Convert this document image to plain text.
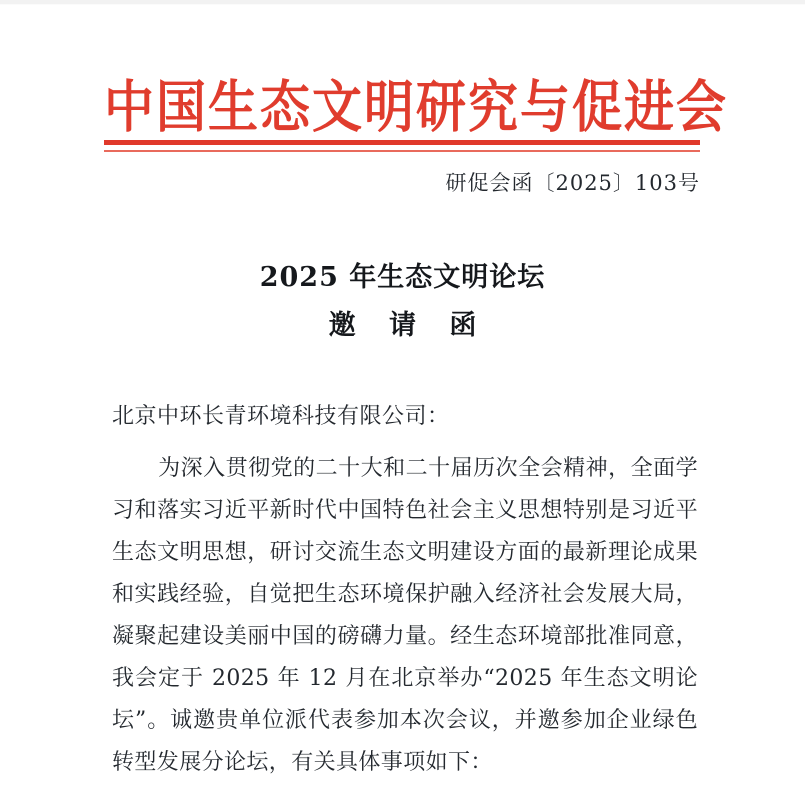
中国生态文明研究与促进会
研促会函〔2025〕103号
2025 年生态文明论坛
邀 请 函
北京中环长青环境科技有限公司：
为深入贯彻党的二十大和二十届历次全会精神，全面学习和落实习近平新时代中国特色社会主义思想特别是习近平生态文明思想，研讨交流生态文明建设方面的最新理论成果和实践经验，自觉把生态环境保护融入经济社会发展大局，凝聚起建设美丽中国的磅礴力量。经生态环境部批准同意，我会定于 2025 年 12 月在北京举办“2025 年生态文明论坛”。诚邀贵单位派代表参加本次会议，并邀参加企业绿色转型发展分论坛，有关具体事项如下：
